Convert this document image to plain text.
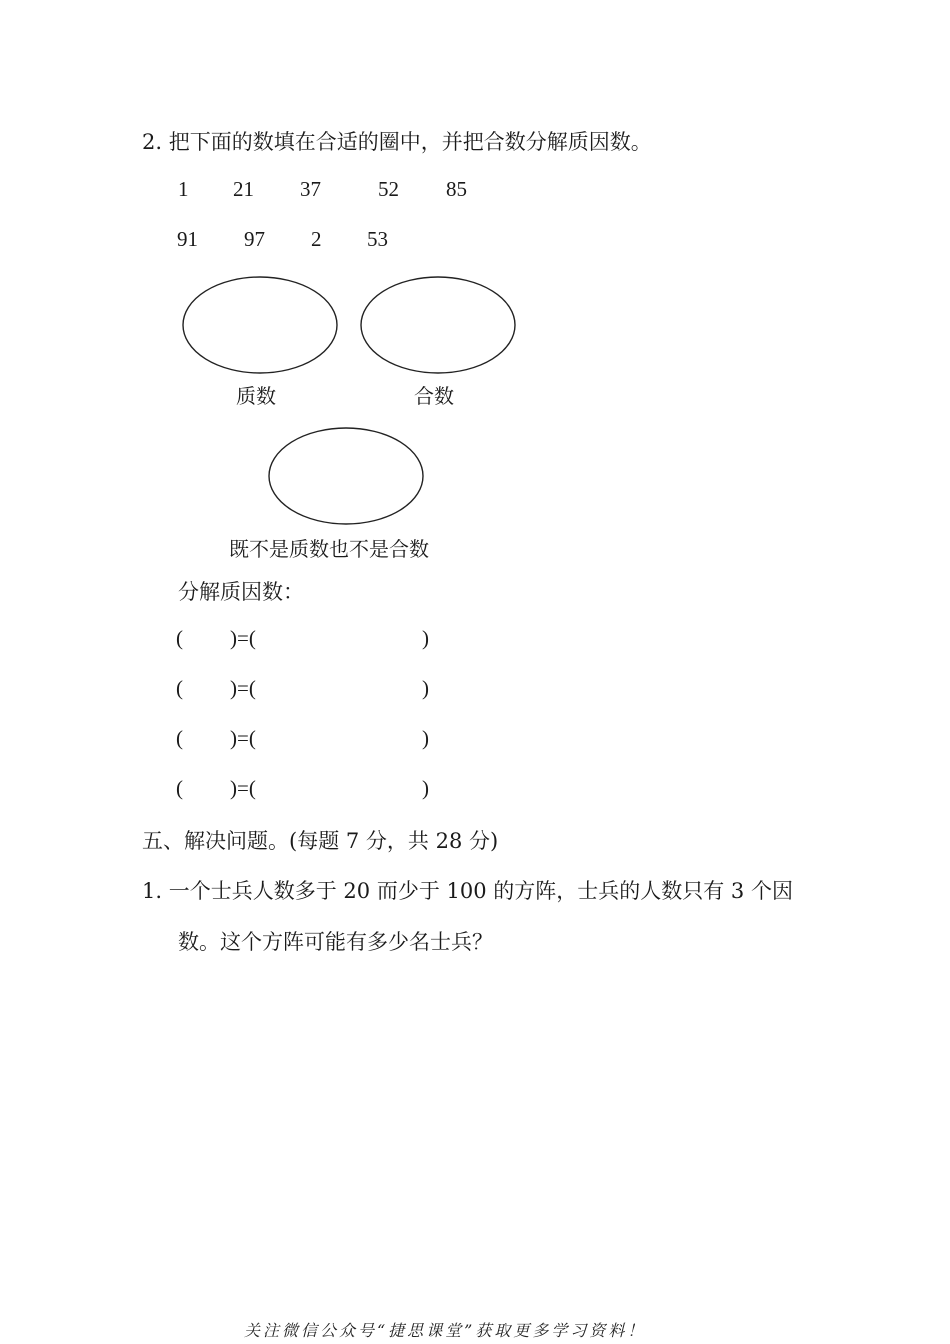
2. 把下面的数填在合适的圈中，并把合数分解质因数。
1 21 37	52 85
91 97 2 53
质数	合数
既不是质数也不是合数
分解质因数：
( )=(	)
( )=(	)
( )=(	)
( )=(	)
五、解决问题。(每题 7 分，共 28 分)
1. 一个士兵人数多于 20 而少于 100 的方阵，士兵的人数只有 3 个因
数。这个方阵可能有多少名士兵？
关注微信公众号“捷思课堂”获取更多学习资料！
